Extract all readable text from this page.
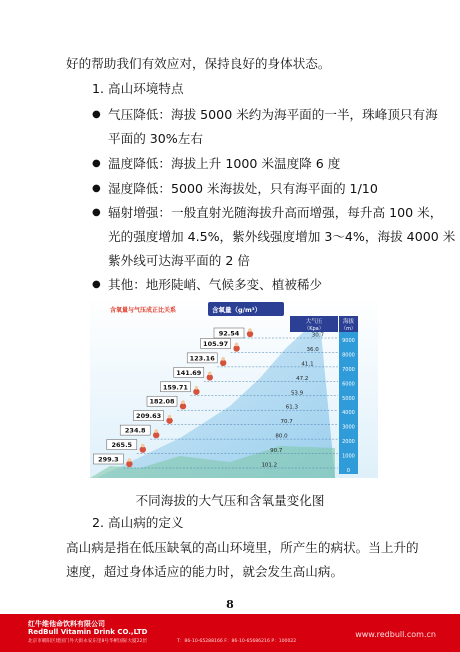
好的帮助我们有效应对，保持良好的身体状态。
1. 高山环境特点
● 气压降低：海拔 5000 米约为海平面的一半，珠峰顶只有海
平面的 30%左右
● 温度降低：海拔上升 1000 米温度降 6 度
● 湿度降低：5000 米海拔处，只有海平面的 1/10
● 辐射增强：一般直射光随海拔升高而增强，每升高 100 米，
光的强度增加 4.5%，紫外线强度增加 3～4%，海拔 4000 米
紫外线可达海平面的 2 倍
● 其他：地形陡峭、气候多变、植被稀少
含氧量与气压成正比关系	含氧量（g/m³）
大气压
（Kpa）
海拔
（m）
9000
92.54	30.7
8000
105.97
36.0
7000
123.16
41.1
6000
141.69
47.2
5000
159.71
53.9
4000
182.08
61.3
3000
209.63
70.7
2000
234.8
80.0
1000
265.5
90.7
0
299.3
101.2
不同海拔的大气压和含氧量变化图
2. 高山病的定义
高山病是指在低压缺氧的高山环境里，所产生的病状。当上升的
速度，超过身体适应的能力时，就会发生高山病。
8
红牛维他命饮料有限公司
RedBull Vitamin Drink CO.,LTD
北京市朝阳区建国门外大街永安东里8号华彬国际大厦22层	T：86-10-65288166 F：86-10-65686216 P：100022
www.redbull.com.cn
